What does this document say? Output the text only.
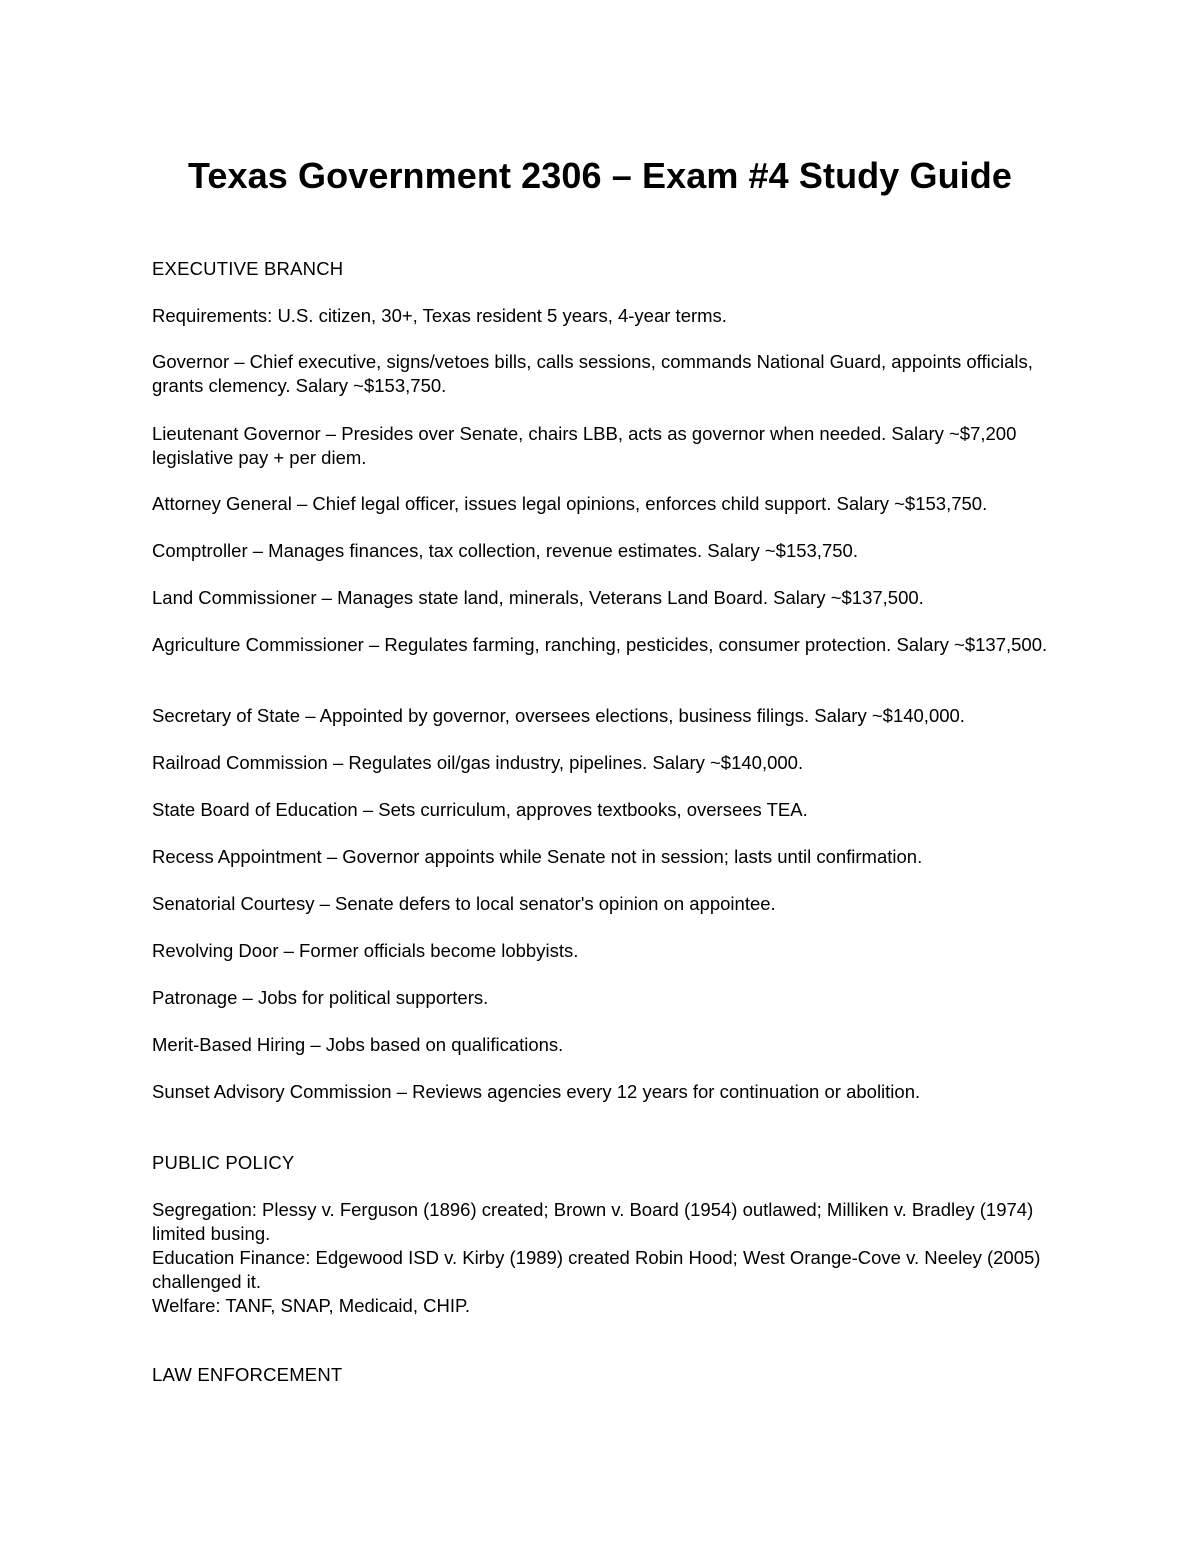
Texas Government 2306 – Exam #4 Study Guide
EXECUTIVE BRANCH

Requirements: U.S. citizen, 30+, Texas resident 5 years, 4-year terms.

Governor – Chief executive, signs/vetoes bills, calls sessions, commands National Guard, appoints officials, grants clemency. Salary ~$153,750.

Lieutenant Governor – Presides over Senate, chairs LBB, acts as governor when needed. Salary ~$7,200 legislative pay + per diem.

Attorney General – Chief legal officer, issues legal opinions, enforces child support. Salary ~$153,750.

Comptroller – Manages finances, tax collection, revenue estimates. Salary ~$153,750.

Land Commissioner – Manages state land, minerals, Veterans Land Board. Salary ~$137,500.

Agriculture Commissioner – Regulates farming, ranching, pesticides, consumer protection. Salary ~$137,500.

Secretary of State – Appointed by governor, oversees elections, business filings. Salary ~$140,000.

Railroad Commission – Regulates oil/gas industry, pipelines. Salary ~$140,000.

State Board of Education – Sets curriculum, approves textbooks, oversees TEA.

Recess Appointment – Governor appoints while Senate not in session; lasts until confirmation.

Senatorial Courtesy – Senate defers to local senator's opinion on appointee.

Revolving Door – Former officials become lobbyists.

Patronage – Jobs for political supporters.

Merit-Based Hiring – Jobs based on qualifications.

Sunset Advisory Commission – Reviews agencies every 12 years for continuation or abolition.

PUBLIC POLICY

Segregation: Plessy v. Ferguson (1896) created; Brown v. Board (1954) outlawed; Milliken v. Bradley (1974) limited busing.
Education Finance: Edgewood ISD v. Kirby (1989) created Robin Hood; West Orange-Cove v. Neeley (2005) challenged it.
Welfare: TANF, SNAP, Medicaid, CHIP.

LAW ENFORCEMENT
